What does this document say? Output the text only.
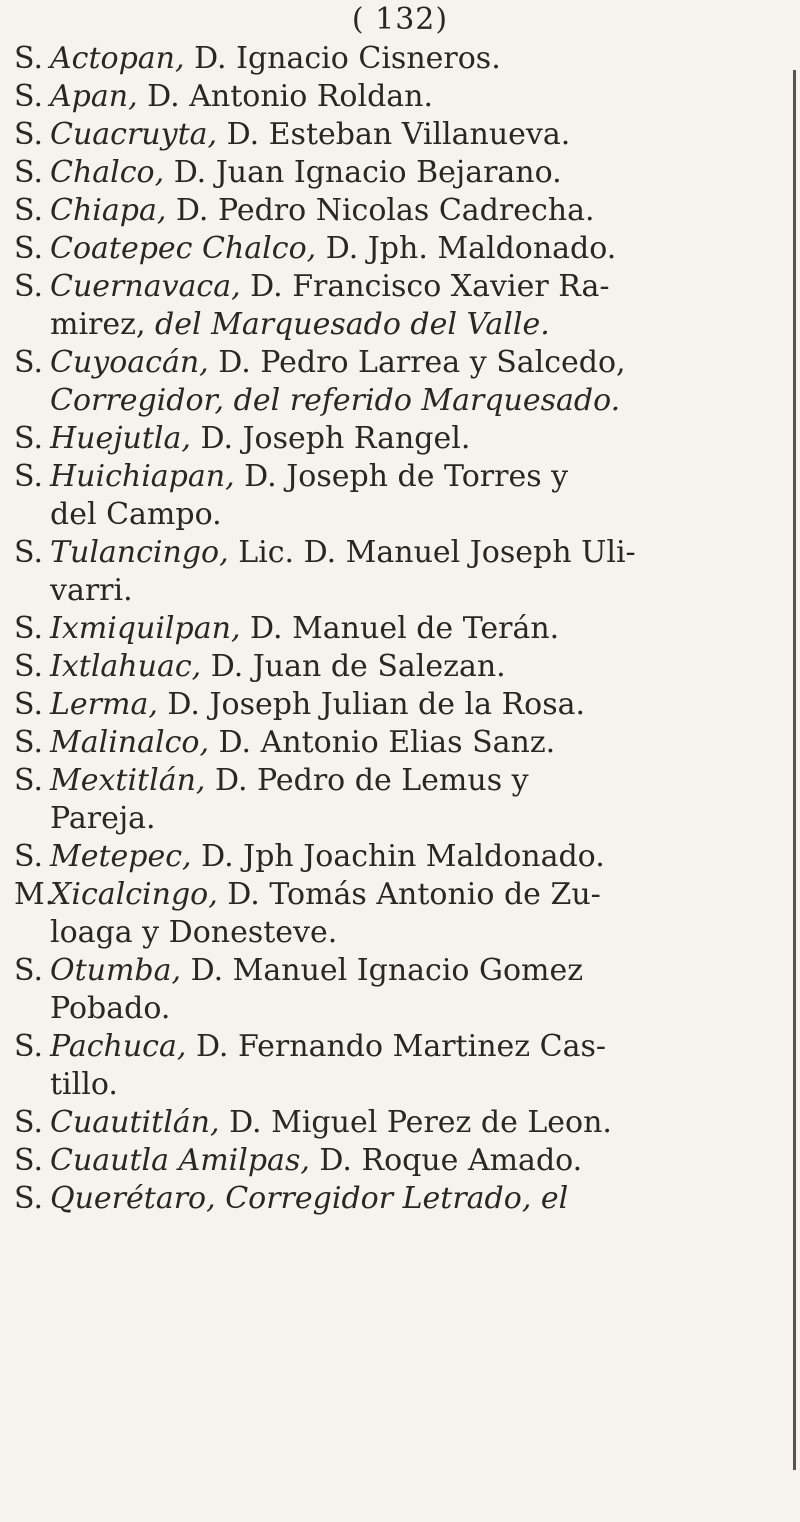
( 132)
S. Actopan, D. Ignacio Cisneros.
S. Apan, D. Antonio Roldan.
S. Cuacruyta, D. Esteban Villanueva.
S. Chalco, D. Juan Ignacio Bejarano.
S. Chiapa, D. Pedro Nicolas Cadrecha.
S. Coatepec Chalco, D. Jph. Maldonado.
S. Cuernavaca, D. Francisco Xavier Ra-
mirez, del Marquesado del Valle.
S. Cuyoacán, D. Pedro Larrea y Salcedo,
Corregidor, del referido Marquesado.
S. Huejutla, D. Joseph Rangel.
S. Huichiapan, D. Joseph de Torres y
del Campo.
S. Tulancingo, Lic. D. Manuel Joseph Uli-
varri.
S. Ixmiquilpan, D. Manuel de Terán.
S. Ixtlahuac, D. Juan de Salezan.
S. Lerma, D. Joseph Julian de la Rosa.
S. Malinalco, D. Antonio Elias Sanz.
S. Mextitlán, D. Pedro de Lemus y
Pareja.
S. Metepec, D. Jph Joachin Maldonado.
M.Xicalcingo, D. Tomás Antonio de Zu-
loaga y Donesteve.
S. Otumba, D. Manuel Ignacio Gomez
Pobado.
S. Pachuca, D. Fernando Martinez Cas-
tillo.
S. Cuautitlán, D. Miguel Perez de Leon.
S. Cuautla Amilpas, D. Roque Amado.
S. Querétaro, Corregidor Letrado, el
